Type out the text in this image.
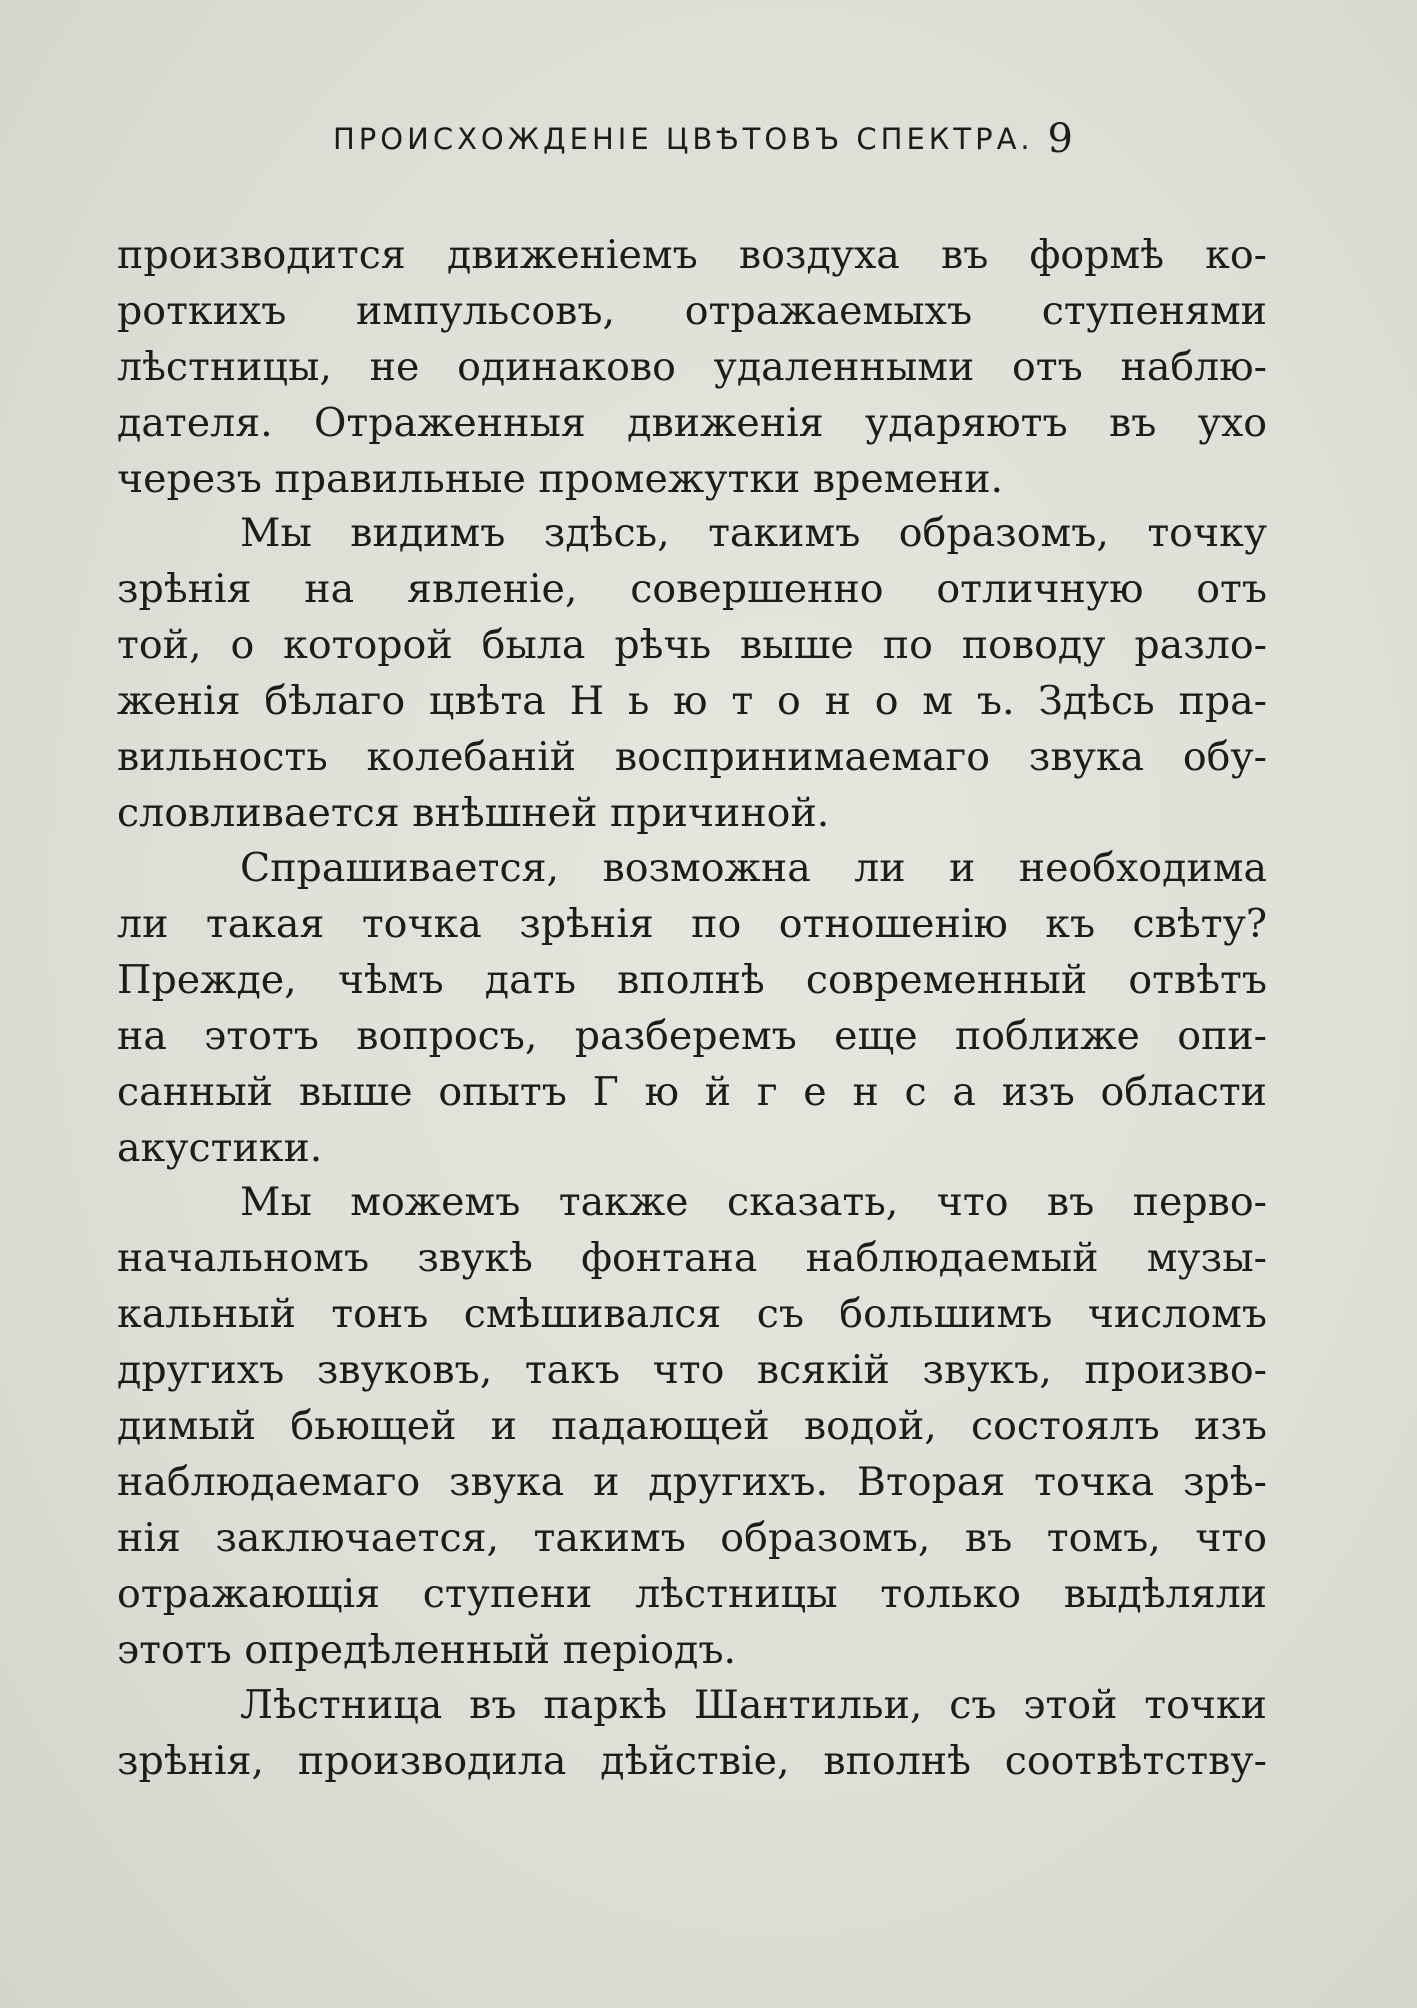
ПРОИСХОЖДЕНІЕ ЦВѢТОВЪ СПЕКТРА. 9
производится движеніемъ воздуха въ формѣ ко-
роткихъ импульсовъ, отражаемыхъ ступенями
лѣстницы, не одинаково удаленными отъ наблю-
дателя. Отраженныя движенія ударяютъ въ ухо
черезъ правильные промежутки времени.
Мы видимъ здѣсь, такимъ образомъ, точку
зрѣнія на явленіе, совершенно отличную отъ
той, о которой была рѣчь выше по поводу разло-
женія бѣлаго цвѣта Н ь ю т о н о м ъ. Здѣсь пра-
вильность колебаній воспринимаемаго звука обу-
словливается внѣшней причиной.
Спрашивается, возможна ли и необходима
ли такая точка зрѣнія по отношенію къ свѣту?
Прежде, чѣмъ дать вполнѣ современный отвѣтъ
на этотъ вопросъ, разберемъ еще поближе опи-
санный выше опытъ Г ю й г е н с а изъ области
акустики.
Мы можемъ также сказать, что въ перво-
начальномъ звукѣ фонтана наблюдаемый музы-
кальный тонъ смѣшивался съ большимъ числомъ
другихъ звуковъ, такъ что всякій звукъ, произво-
димый бьющей и падающей водой, состоялъ изъ
наблюдаемаго звука и другихъ. Вторая точка зрѣ-
нія заключается, такимъ образомъ, въ томъ, что
отражающія ступени лѣстницы только выдѣляли
этотъ опредѣленный періодъ.
Лѣстница въ паркѣ Шантильи, съ этой точки
зрѣнія, производила дѣйствіе, вполнѣ соотвѣтству-
